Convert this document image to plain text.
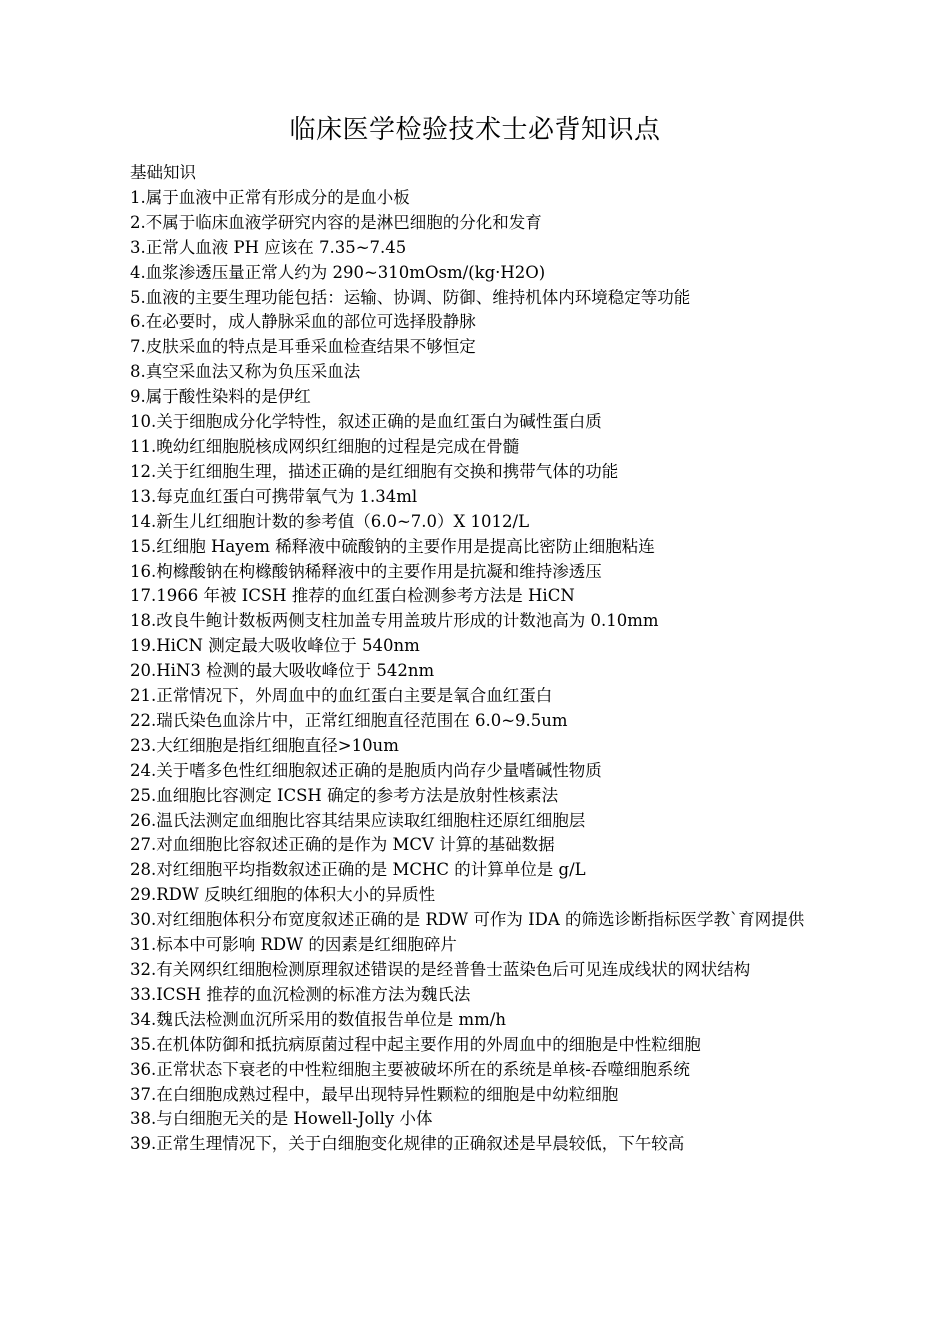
临床医学检验技术士必背知识点
基础知识
1.属于血液中正常有形成分的是血小板
2.不属于临床血液学研究内容的是淋巴细胞的分化和发育
3.正常人血液 PH 应该在 7.35~7.45
4.血浆渗透压量正常人约为 290~310mOsm/(kg·H2O)
5.血液的主要生理功能包括：运输、协调、防御、维持机体内环境稳定等功能
6.在必要时，成人静脉采血的部位可选择股静脉
7.皮肤采血的特点是耳垂采血检查结果不够恒定
8.真空采血法又称为负压采血法
9.属于酸性染料的是伊红
10.关于细胞成分化学特性，叙述正确的是血红蛋白为碱性蛋白质
11.晚幼红细胞脱核成网织红细胞的过程是完成在骨髓
12.关于红细胞生理，描述正确的是红细胞有交换和携带气体的功能
13.每克血红蛋白可携带氧气为 1.34ml
14.新生儿红细胞计数的参考值（6.0~7.0）X 1012/L
15.红细胞 Hayem 稀释液中硫酸钠的主要作用是提高比密防止细胞粘连
16.枸橼酸钠在枸橼酸钠稀释液中的主要作用是抗凝和维持渗透压
17.1966 年被 ICSH 推荐的血红蛋白检测参考方法是 HiCN
18.改良牛鲍计数板两侧支柱加盖专用盖玻片形成的计数池高为 0.10mm
19.HiCN 测定最大吸收峰位于 540nm
20.HiN3 检测的最大吸收峰位于 542nm
21.正常情况下，外周血中的血红蛋白主要是氧合血红蛋白
22.瑞氏染色血涂片中，正常红细胞直径范围在 6.0~9.5um
23.大红细胞是指红细胞直径>10um
24.关于嗜多色性红细胞叙述正确的是胞质内尚存少量嗜碱性物质
25.血细胞比容测定 ICSH 确定的参考方法是放射性核素法
26.温氏法测定血细胞比容其结果应读取红细胞柱还原红细胞层
27.对血细胞比容叙述正确的是作为 MCV 计算的基础数据
28.对红细胞平均指数叙述正确的是 MCHC 的计算单位是 g/L
29.RDW 反映红细胞的体积大小的异质性
30.对红细胞体积分布宽度叙述正确的是 RDW 可作为 IDA 的筛选诊断指标医学教`育网提供
31.标本中可影响 RDW 的因素是红细胞碎片
32.有关网织红细胞检测原理叙述错误的是经普鲁士蓝染色后可见连成线状的网状结构
33.ICSH 推荐的血沉检测的标准方法为魏氏法
34.魏氏法检测血沉所采用的数值报告单位是 mm/h
35.在机体防御和抵抗病原菌过程中起主要作用的外周血中的细胞是中性粒细胞
36.正常状态下衰老的中性粒细胞主要被破坏所在的系统是单核-吞噬细胞系统
37.在白细胞成熟过程中，最早出现特异性颗粒的细胞是中幼粒细胞
38.与白细胞无关的是 Howell-Jolly 小体
39.正常生理情况下，关于白细胞变化规律的正确叙述是早晨较低，下午较高
